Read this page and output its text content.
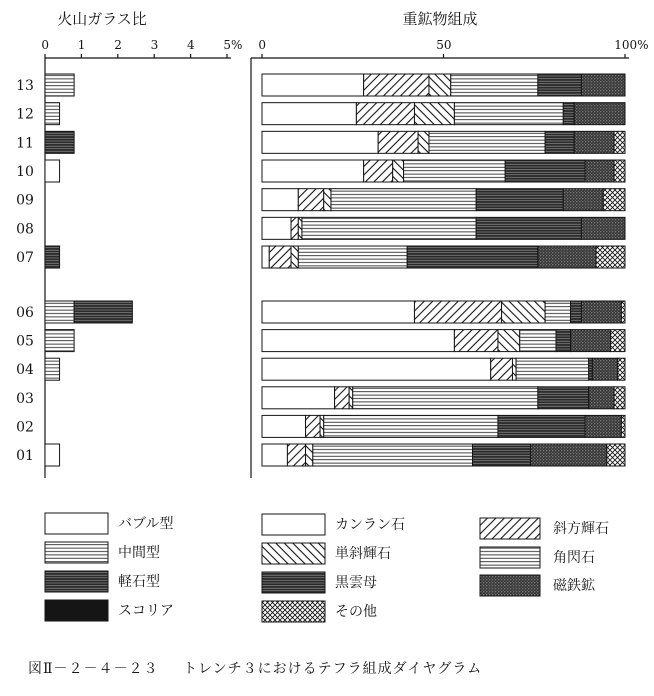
火山ガラス比	重鉱物組成
0 1 2 3 4 5% 0	50	100%
13
12
11
10
09
08
07
06
05
04
03
02
01
バブル型
中間型
軽石型
スコリア
カンラン石
単斜輝石
黒雲母
その他
斜方輝石
角閃石
磁鉄鉱
図Ⅱ－２－４－２３ トレンチ３におけるテフラ組成ダイヤグラム
